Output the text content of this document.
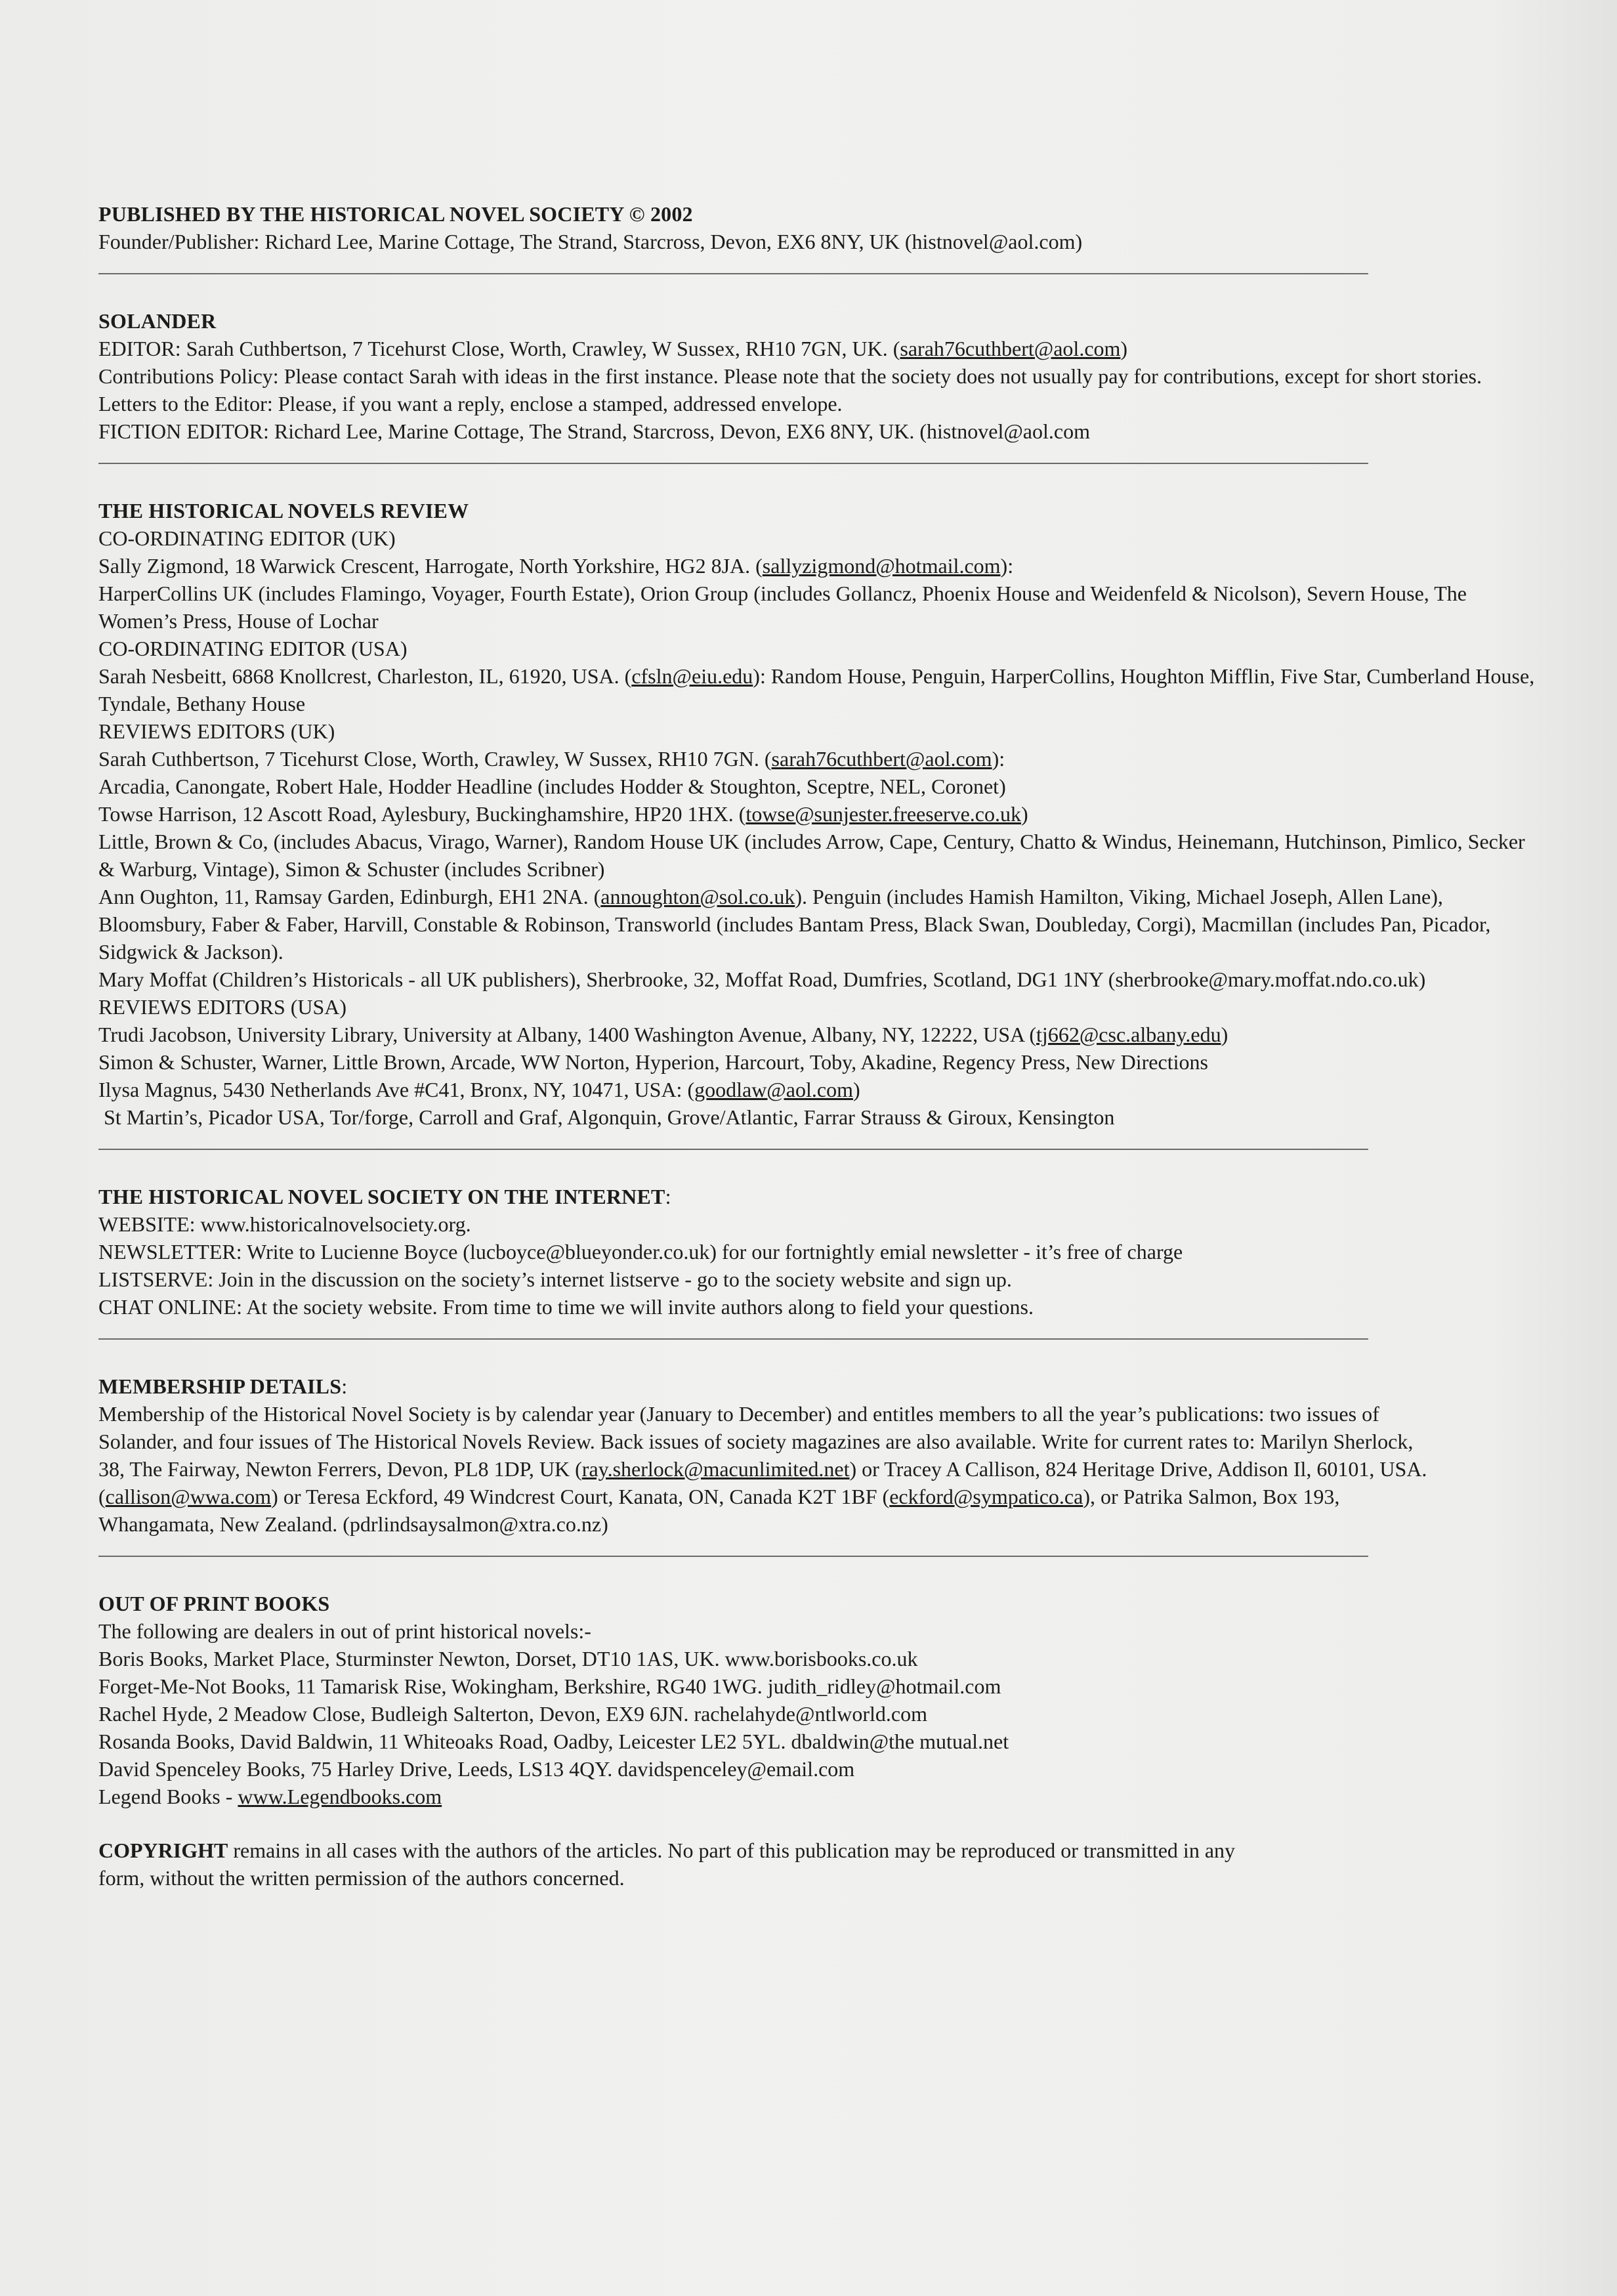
PUBLISHED BY THE HISTORICAL NOVEL SOCIETY © 2002
Founder/Publisher: Richard Lee, Marine Cottage, The Strand, Starcross, Devon, EX6 8NY, UK (histnovel@aol.com)
SOLANDER
EDITOR: Sarah Cuthbertson, 7 Ticehurst Close, Worth, Crawley, W Sussex, RH10 7GN, UK. (sarah76cuthbert@aol.com)
Contributions Policy: Please contact Sarah with ideas in the first instance. Please note that the society does not usually pay for contributions, except for short stories.
Letters to the Editor: Please, if you want a reply, enclose a stamped, addressed envelope.
FICTION EDITOR: Richard Lee, Marine Cottage, The Strand, Starcross, Devon, EX6 8NY, UK. (histnovel@aol.com
THE HISTORICAL NOVELS REVIEW
CO-ORDINATING EDITOR (UK)
Sally Zigmond, 18 Warwick Crescent, Harrogate, North Yorkshire, HG2 8JA. (sallyzigmond@hotmail.com):
HarperCollins UK (includes Flamingo, Voyager, Fourth Estate), Orion Group (includes Gollancz, Phoenix House and Weidenfeld & Nicolson), Severn House, The Women’s Press, House of Lochar
CO-ORDINATING EDITOR (USA)
Sarah Nesbeitt, 6868 Knollcrest, Charleston, IL, 61920, USA. (cfsln@eiu.edu): Random House, Penguin, HarperCollins, Houghton Mifflin, Five Star, Cumberland House, Tyndale, Bethany House
REVIEWS EDITORS (UK)
Sarah Cuthbertson, 7 Ticehurst Close, Worth, Crawley, W Sussex, RH10 7GN. (sarah76cuthbert@aol.com):
Arcadia, Canongate, Robert Hale, Hodder Headline (includes Hodder & Stoughton, Sceptre, NEL, Coronet)
Towse Harrison, 12 Ascott Road, Aylesbury, Buckinghamshire, HP20 1HX. (towse@sunjester.freeserve.co.uk)
Little, Brown & Co, (includes Abacus, Virago, Warner), Random House UK (includes Arrow, Cape, Century, Chatto & Windus, Heinemann, Hutchinson, Pimlico, Secker & Warburg, Vintage), Simon & Schuster (includes Scribner)
Ann Oughton, 11, Ramsay Garden, Edinburgh, EH1 2NA. (annoughton@sol.co.uk). Penguin (includes Hamish Hamilton, Viking, Michael Joseph, Allen Lane), Bloomsbury, Faber & Faber, Harvill, Constable & Robinson, Transworld (includes Bantam Press, Black Swan, Doubleday, Corgi), Macmillan (includes Pan, Picador, Sidgwick & Jackson).
Mary Moffat (Children’s Historicals - all UK publishers), Sherbrooke, 32, Moffat Road, Dumfries, Scotland, DG1 1NY (sherbrooke@mary.moffat.ndo.co.uk)
REVIEWS EDITORS (USA)
Trudi Jacobson, University Library, University at Albany, 1400 Washington Avenue, Albany, NY, 12222, USA (tj662@csc.albany.edu)
Simon & Schuster, Warner, Little Brown, Arcade, WW Norton, Hyperion, Harcourt, Toby, Akadine, Regency Press, New Directions
Ilysa Magnus, 5430 Netherlands Ave #C41, Bronx, NY, 10471, USA: (goodlaw@aol.com)
St Martin’s, Picador USA, Tor/forge, Carroll and Graf, Algonquin, Grove/Atlantic, Farrar Strauss & Giroux, Kensington
THE HISTORICAL NOVEL SOCIETY ON THE INTERNET:
WEBSITE: www.historicalnovelsociety.org.
NEWSLETTER: Write to Lucienne Boyce (lucboyce@blueyonder.co.uk) for our fortnightly emial newsletter - it’s free of charge
LISTSERVE: Join in the discussion on the society’s internet listserve - go to the society website and sign up.
CHAT ONLINE: At the society website. From time to time we will invite authors along to field your questions.
MEMBERSHIP DETAILS:
Membership of the Historical Novel Society is by calendar year (January to December) and entitles members to all the year’s publications: two issues of Solander, and four issues of The Historical Novels Review. Back issues of society magazines are also available. Write for current rates to: Marilyn Sherlock, 38, The Fairway, Newton Ferrers, Devon, PL8 1DP, UK (ray.sherlock@macunlimited.net) or Tracey A Callison, 824 Heritage Drive, Addison Il, 60101, USA. (callison@wwa.com) or Teresa Eckford, 49 Windcrest Court, Kanata, ON, Canada K2T 1BF (eckford@sympatico.ca), or Patrika Salmon, Box 193, Whangamata, New Zealand. (pdrlindsaysalmon@xtra.co.nz)
OUT OF PRINT BOOKS
The following are dealers in out of print historical novels:-
Boris Books, Market Place, Sturminster Newton, Dorset, DT10 1AS, UK. www.borisbooks.co.uk
Forget-Me-Not Books, 11 Tamarisk Rise, Wokingham, Berkshire, RG40 1WG. judith_ridley@hotmail.com
Rachel Hyde, 2 Meadow Close, Budleigh Salterton, Devon, EX9 6JN. rachelahyde@ntlworld.com
Rosanda Books, David Baldwin, 11 Whiteoaks Road, Oadby, Leicester LE2 5YL. dbaldwin@the mutual.net
David Spenceley Books, 75 Harley Drive, Leeds, LS13 4QY. davidspenceley@email.com
Legend Books - www.Legendbooks.com
COPYRIGHT remains in all cases with the authors of the articles. No part of this publication may be reproduced or transmitted in any form, without the written permission of the authors concerned.
